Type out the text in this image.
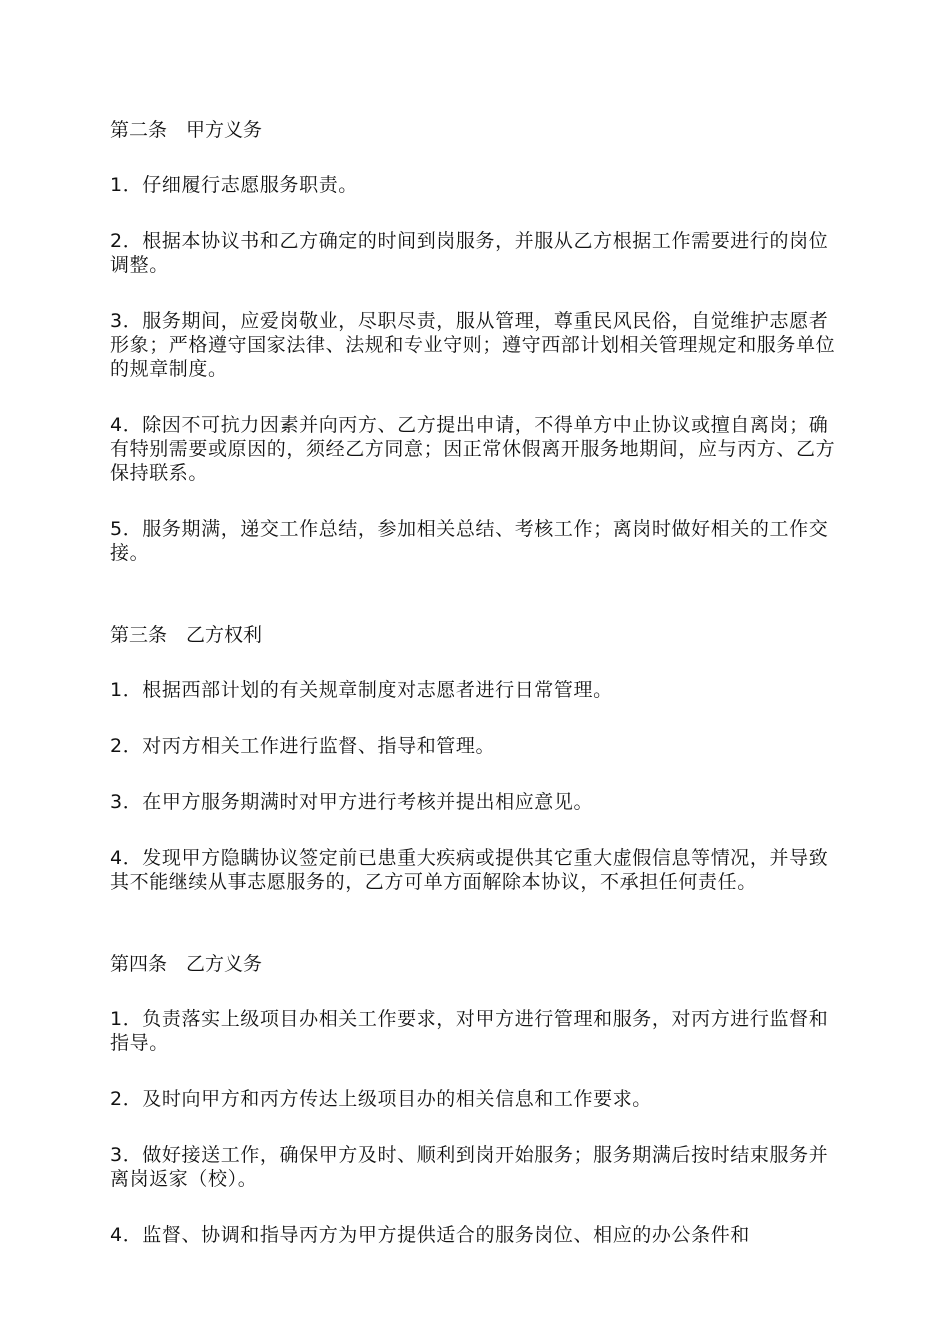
第二条　甲方义务
1．仔细履行志愿服务职责。
2．根据本协议书和乙方确定的时间到岗服务，并服从乙方根据工作需要进行的岗位调整。
3．服务期间，应爱岗敬业，尽职尽责，服从管理，尊重民风民俗，自觉维护志愿者形象；严格遵守国家法律、法规和专业守则；遵守西部计划相关管理规定和服务单位的规章制度。
4．除因不可抗力因素并向丙方、乙方提出申请，不得单方中止协议或擅自离岗；确有特别需要或原因的，须经乙方同意；因正常休假离开服务地期间，应与丙方、乙方保持联系。
5．服务期满，递交工作总结，参加相关总结、考核工作；离岗时做好相关的工作交接。
第三条　乙方权利
1．根据西部计划的有关规章制度对志愿者进行日常管理。
2．对丙方相关工作进行监督、指导和管理。
3．在甲方服务期满时对甲方进行考核并提出相应意见。
4．发现甲方隐瞒协议签定前已患重大疾病或提供其它重大虚假信息等情况，并导致其不能继续从事志愿服务的，乙方可单方面解除本协议，不承担任何责任。
第四条　乙方义务
1．负责落实上级项目办相关工作要求，对甲方进行管理和服务，对丙方进行监督和指导。
2．及时向甲方和丙方传达上级项目办的相关信息和工作要求。
3．做好接送工作，确保甲方及时、顺利到岗开始服务；服务期满后按时结束服务并离岗返家（校）。
4．监督、协调和指导丙方为甲方提供适合的服务岗位、相应的办公条件和
